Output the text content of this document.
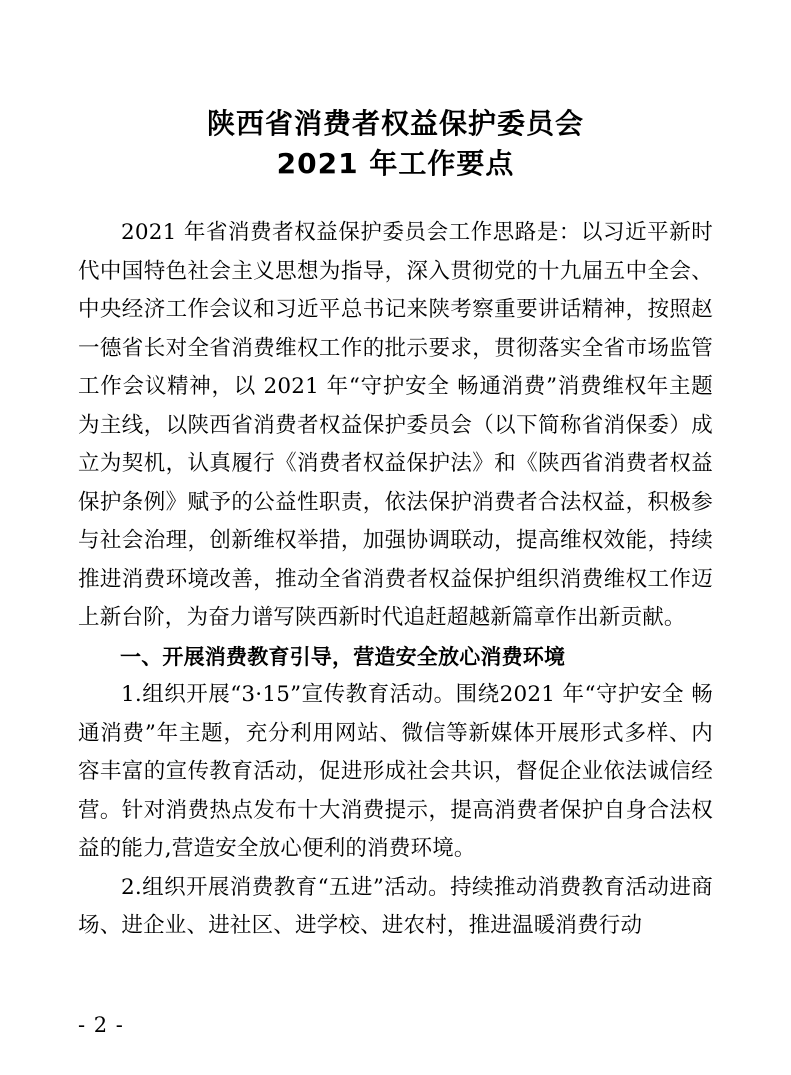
陕西省消费者权益保护委员会
2021 年工作要点

2021 年省消费者权益保护委员会工作思路是：以习近平新时代中国特色社会主义思想为指导，深入贯彻党的十九届五中全会、中央经济工作会议和习近平总书记来陕考察重要讲话精神，按照赵一德省长对全省消费维权工作的批示要求，贯彻落实全省市场监管工作会议精神，以 2021 年“守护安全 畅通消费”消费维权年主题为主线，以陕西省消费者权益保护委员会（以下简称省消保委）成立为契机，认真履行《消费者权益保护法》和《陕西省消费者权益保护条例》赋予的公益性职责，依法保护消费者合法权益，积极参与社会治理，创新维权举措，加强协调联动，提高维权效能，持续推进消费环境改善，推动全省消费者权益保护组织消费维权工作迈上新台阶，为奋力谱写陕西新时代追赶超越新篇章作出新贡献。

一、开展消费教育引导，营造安全放心消费环境

1.组织开展“3·15”宣传教育活动。围绕2021 年“守护安全 畅通消费”年主题，充分利用网站、微信等新媒体开展形式多样、内容丰富的宣传教育活动，促进形成社会共识，督促企业依法诚信经营。针对消费热点发布十大消费提示，提高消费者保护自身合法权益的能力,营造安全放心便利的消费环境。

2.组织开展消费教育“五进”活动。持续推动消费教育活动进商场、进企业、进社区、进学校、进农村，推进温暖消费行动

- 2 -
